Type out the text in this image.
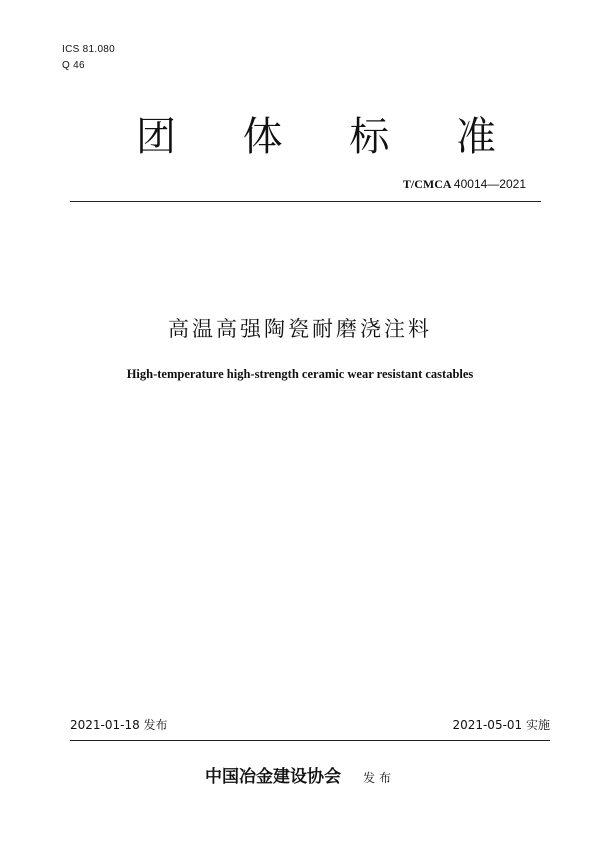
ICS 81.080
Q 46
团 体 标 准
T/CMCA 40014—2021
高温高强陶瓷耐磨浇注料
High-temperature high-strength ceramic wear resistant castables
2021-01-18 发布	2021-05-01 实施
中国冶金建设协会 发布
